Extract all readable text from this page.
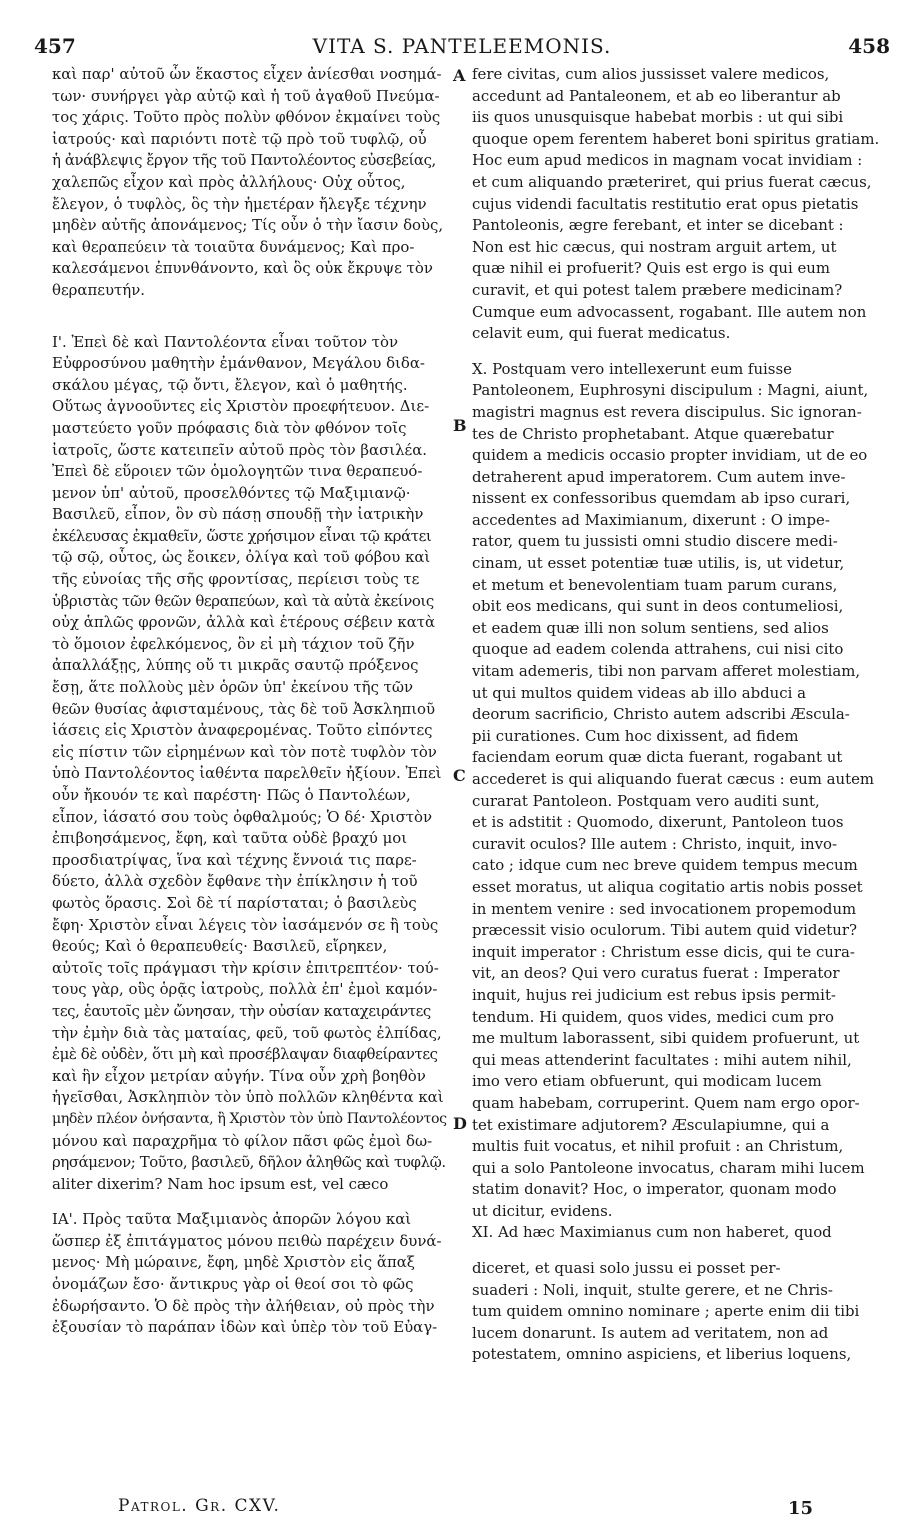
457	VITA S. PANTELEEMONIS.	458
καὶ παρ' αὐτοῦ ὧν ἕκαστος εἶχεν ἀνίεσθαι νοσημά-
των· συνήργει γὰρ αὐτῷ καὶ ἡ τοῦ ἀγαθοῦ Πνεύμα-
τος χάρις. Τοῦτο πρὸς πολὺν φθόνον ἐκμαίνει τοὺς
ἰατρούς· καὶ παριόντι ποτὲ τῷ πρὸ τοῦ τυφλῷ, οὗ
ἡ ἀνάβλεψις ἔργον τῆς τοῦ Παντολέοντος εὐσεβείας,
χαλεπῶς εἶχον καὶ πρὸς ἀλλήλους· Οὐχ οὗτος,
ἔλεγον, ὁ τυφλὸς, ὃς τὴν ἡμετέραν ἤλεγξε τέχνην
μηδὲν αὐτῆς ἀπονάμενος; Τίς οὖν ὁ τὴν ἴασιν δοὺς,
καὶ θεραπεύειν τὰ τοιαῦτα δυνάμενος; Καὶ προ-
καλεσάμενοι ἐπυνθάνοντο, καὶ ὃς οὐκ ἔκρυψε τὸν
θεραπευτήν.
Ι'. Ἐπεὶ δὲ καὶ Παντολέοντα εἶναι τοῦτον τὸν
Εὐφροσύνου μαθητὴν ἐμάνθανον, Μεγάλου διδα-
σκάλου μέγας, τῷ ὄντι, ἔλεγον, καὶ ὁ μαθητής.
Οὕτως ἀγνοοῦντες εἰς Χριστὸν προεφήτευον. Διε-
μαστεύετο γοῦν πρόφασις διὰ τὸν φθόνον τοῖς
ἰατροῖς, ὥστε κατειπεῖν αὐτοῦ πρὸς τὸν βασιλέα.
Ἐπεὶ δὲ εὕροιεν τῶν ὁμολογητῶν τινα θεραπευό-
μενον ὑπ' αὐτοῦ, προσελθόντες τῷ Μαξιμιανῷ·
Βασιλεῦ, εἶπον, ὃν σὺ πάσῃ σπουδῇ τὴν ἰατρικὴν
ἐκέλευσας ἐκμαθεῖν, ὥστε χρήσιμον εἶναι τῷ κράτει
τῷ σῷ, οὗτος, ὡς ἔοικεν, ὀλίγα καὶ τοῦ φόβου καὶ
τῆς εὐνοίας τῆς σῆς φροντίσας, περίεισι τοὺς τε
ὑβριστὰς τῶν θεῶν θεραπεύων, καὶ τὰ αὐτὰ ἐκείνοις
οὐχ ἁπλῶς φρονῶν, ἀλλὰ καὶ ἑτέρους σέβειν κατὰ
τὸ ὅμοιον ἐφελκόμενος, ὃν εἰ μὴ τάχιον τοῦ ζῆν
ἀπαλλάξῃς, λύπης οὔ τι μικρᾶς σαυτῷ πρόξενος
ἔσῃ, ἅτε πολλοὺς μὲν ὁρῶν ὑπ' ἐκείνου τῆς τῶν
θεῶν θυσίας ἀφισταμένους, τὰς δὲ τοῦ Ἀσκληπιοῦ
ἰάσεις εἰς Χριστὸν ἀναφερομένας. Τοῦτο εἰπόντες
εἰς πίστιν τῶν εἰρημένων καὶ τὸν ποτὲ τυφλὸν τὸν
ὑπὸ Παντολέοντος ἰαθέντα παρελθεῖν ἠξίουν. Ἐπεὶ
οὖν ἤκουόν τε καὶ παρέστη· Πῶς ὁ Παντολέων,
εἶπον, ἰάσατό σου τοὺς ὀφθαλμούς; Ὁ δέ· Χριστὸν
ἐπιβοησάμενος, ἔφη, καὶ ταῦτα οὐδὲ βραχύ μοι
προσδιατρίψας, ἵνα καὶ τέχνης ἔννοιά τις παρε-
δύετο, ἀλλὰ σχεδὸν ἔφθανε τὴν ἐπίκλησιν ἡ τοῦ
φωτὸς ὅρασις. Σοὶ δὲ τί παρίσταται; ὁ βασιλεὺς
ἔφη· Χριστὸν εἶναι λέγεις τὸν ἰασάμενόν σε ἢ τοὺς
θεούς; Καὶ ὁ θεραπευθείς· Βασιλεῦ, εἴρηκεν,
αὐτοῖς τοῖς πράγμασι τὴν κρίσιν ἐπιτρεπτέον· τού-
τους γὰρ, οὓς ὁρᾷς ἰατροὺς, πολλὰ ἐπ' ἐμοὶ καμόν-
τες, ἑαυτοῖς μὲν ὤνησαν, τὴν οὐσίαν καταχειράντες
τὴν ἐμὴν διὰ τὰς ματαίας, φεῦ, τοῦ φωτὸς ἐλπίδας,
ἐμὲ δὲ οὐδὲν, ὅτι μὴ καὶ προσέβλαψαν διαφθείραντες
καὶ ἣν εἶχον μετρίαν αὐγήν. Τίνα οὖν χρὴ βοηθὸν
ἡγεῖσθαι, Ἀσκληπιὸν τὸν ὑπὸ πολλῶν κληθέντα καὶ
μηδὲν πλέον ὀνήσαντα, ἢ Χριστὸν τὸν ὑπὸ Παντολέοντος
μόνου καὶ παραχρῆμα τὸ φίλον πᾶσι φῶς ἐμοὶ δω-
ρησάμενον; Τοῦτο, βασιλεῦ, δῆλον ἀληθῶς καὶ τυφλῷ.
aliter dixerim? Nam hoc ipsum est, vel cæco
ΙΑ'. Πρὸς ταῦτα Μαξιμιανὸς ἀπορῶν λόγου καὶ
ὥσπερ ἐξ ἐπιτάγματος μόνου πειθὼ παρέχειν δυνά-
μενος· Μὴ μώραινε, ἔφη, μηδὲ Χριστὸν εἰς ἅπαξ
ὀνομάζων ἔσο· ἄντικρυς γὰρ οἱ θεοί σοι τὸ φῶς
ἐδωρήσαντο. Ὁ δὲ πρὸς τὴν ἀλήθειαν, οὐ πρὸς τὴν
ἐξουσίαν τὸ παράπαν ἰδὼν καὶ ὑπὲρ τὸν τοῦ Εὐαγ-
fere civitas, cum alios jussisset valere medicos,
accedunt ad Pantaleonem, et ab eo liberantur ab
iis quos unusquisque habebat morbis : ut qui sibi
quoque opem ferentem haberet boni spiritus gratiam.
Hoc eum apud medicos in magnam vocat invidiam :
et cum aliquando præteriret, qui prius fuerat cæcus,
cujus videndi facultatis restitutio erat opus pietatis
Pantoleonis, ægre ferebant, et inter se dicebant :
Non est hic cæcus, qui nostram arguit artem, ut
quæ nihil ei profuerit? Quis est ergo is qui eum
curavit, et qui potest talem præbere medicinam?
Cumque eum advocassent, rogabant. Ille autem non
celavit eum, qui fuerat medicatus.
X. Postquam vero intellexerunt eum fuisse
Pantoleonem, Euphrosyni discipulum : Magni, aiunt,
magistri magnus est revera discipulus. Sic ignoran-
tes de Christo prophetabant. Atque quærebatur
quidem a medicis occasio propter invidiam, ut de eo
detraherent apud imperatorem. Cum autem inve-
nissent ex confessoribus quemdam ab ipso curari,
accedentes ad Maximianum, dixerunt : O impe-
rator, quem tu jussisti omni studio discere medi-
cinam, ut esset potentiæ tuæ utilis, is, ut videtur,
et metum et benevolentiam tuam parum curans,
obit eos medicans, qui sunt in deos contumeliosi,
et eadem quæ illi non solum sentiens, sed alios
quoque ad eadem colenda attrahens, cui nisi cito
vitam ademeris, tibi non parvam afferet molestiam,
ut qui multos quidem videas ab illo abduci a
deorum sacrificio, Christo autem adscribi Æscula-
pii curationes. Cum hoc dixissent, ad fidem
faciendam eorum quæ dicta fuerant, rogabant ut
accederet is qui aliquando fuerat cæcus : eum autem
curarat Pantoleon. Postquam vero auditi sunt,
et is adstitit : Quomodo, dixerunt, Pantoleon tuos
curavit oculos? Ille autem : Christo, inquit, invo-
cato ; idque cum nec breve quidem tempus mecum
esset moratus, ut aliqua cogitatio artis nobis posset
in mentem venire : sed invocationem propemodum
præcessit visio oculorum. Tibi autem quid videtur?
inquit imperator : Christum esse dicis, qui te cura-
vit, an deos? Qui vero curatus fuerat : Imperator
inquit, hujus rei judicium est rebus ipsis permit-
tendum. Hi quidem, quos vides, medici cum pro
me multum laborassent, sibi quidem profuerunt, ut
qui meas attenderint facultates : mihi autem nihil,
imo vero etiam obfuerunt, qui modicam lucem
quam habebam, corruperint. Quem nam ergo opor-
tet existimare adjutorem? Æsculapiumne, qui a
multis fuit vocatus, et nihil profuit : an Christum,
qui a solo Pantoleone invocatus, charam mihi lucem
statim donavit? Hoc, o imperator, quonam modo
ut dicitur, evidens.
XI. Ad hæc Maximianus cum non haberet, quod
diceret, et quasi solo jussu ei posset per-
suaderi : Noli, inquit, stulte gerere, et ne Chris-
tum quidem omnino nominare ; aperte enim dii tibi
lucem donarunt. Is autem ad veritatem, non ad
potestatem, omnino aspiciens, et liberius loquens,
A
B
C
D
Patrol. Gr. CXV.	15
